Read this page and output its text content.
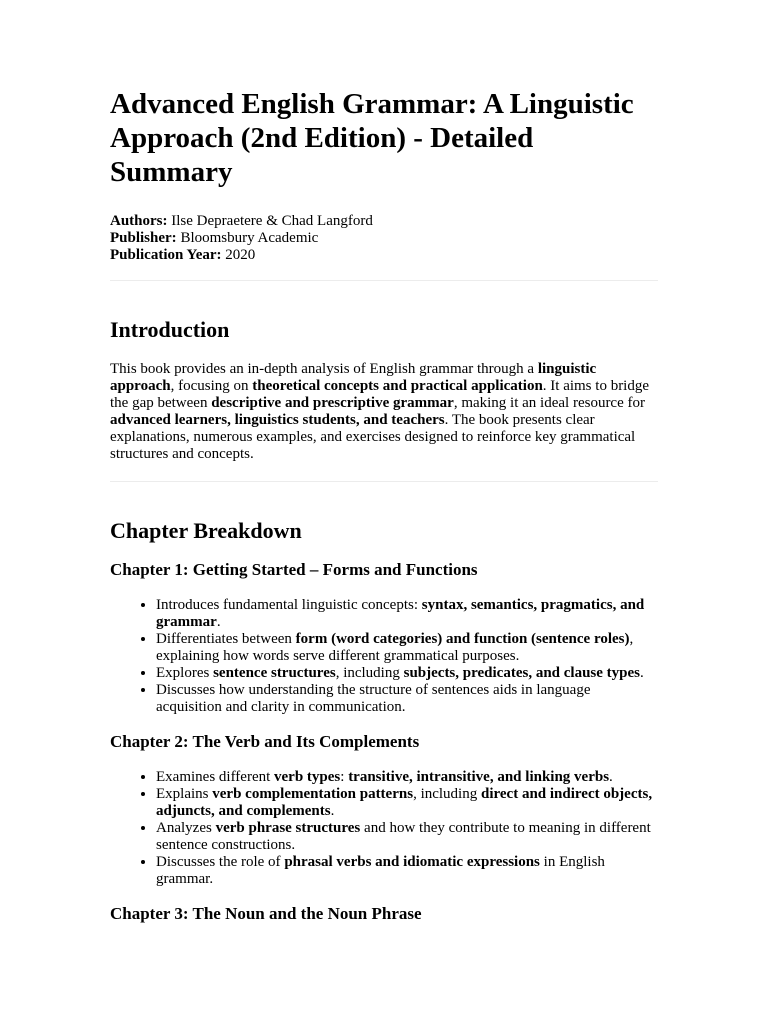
Advanced English Grammar: A Linguistic Approach (2nd Edition) - Detailed Summary
Authors: Ilse Depraetere & Chad Langford
Publisher: Bloomsbury Academic
Publication Year: 2020
Introduction

This book provides an in-depth analysis of English grammar through a linguistic approach, focusing on theoretical concepts and practical application. It aims to bridge the gap between descriptive and prescriptive grammar, making it an ideal resource for advanced learners, linguistics students, and teachers. The book presents clear explanations, numerous examples, and exercises designed to reinforce key grammatical structures and concepts.

Chapter Breakdown
Chapter 1: Getting Started – Forms and Functions
• Introduces fundamental linguistic concepts: syntax, semantics, pragmatics, and grammar.
• Differentiates between form (word categories) and function (sentence roles), explaining how words serve different grammatical purposes.
• Explores sentence structures, including subjects, predicates, and clause types.
• Discusses how understanding the structure of sentences aids in language acquisition and clarity in communication.
Chapter 2: The Verb and Its Complements
• Examines different verb types: transitive, intransitive, and linking verbs.
• Explains verb complementation patterns, including direct and indirect objects, adjuncts, and complements.
• Analyzes verb phrase structures and how they contribute to meaning in different sentence constructions.
• Discusses the role of phrasal verbs and idiomatic expressions in English grammar.
Chapter 3: The Noun and the Noun Phrase
